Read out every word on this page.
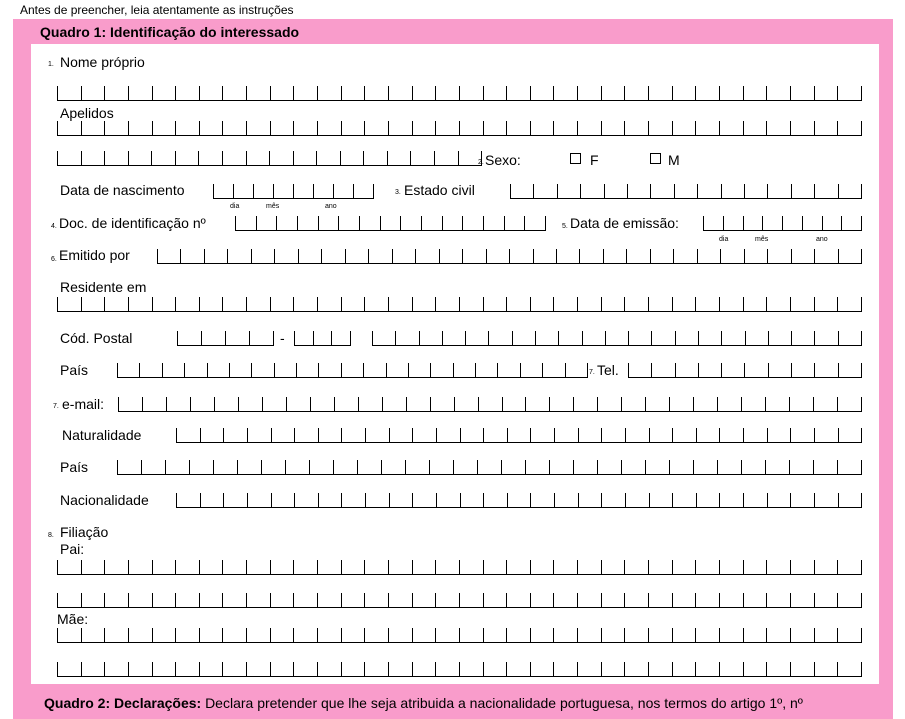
Antes de preencher, leia atentamente as instruções
Quadro 1: Identificação do interessado
1. Nome próprio
Apelidos
2. Sexo:	F	M
Data de nascimento
dia	mês	ano
3. Estado civil
4. Doc. de identificação nº	5. Data de emissão:
dia	mês	ano
6. Emitido por
Residente em
Cód. Postal	-
País	7. Tel.
7. e-mail:
Naturalidade
País
Nacionalidade
8. Filiação
Pai:
Mãe:
Quadro 2: Declarações: Declara pretender que lhe seja atribuida a nacionalidade portuguesa, nos termos do artigo 1º, nº
